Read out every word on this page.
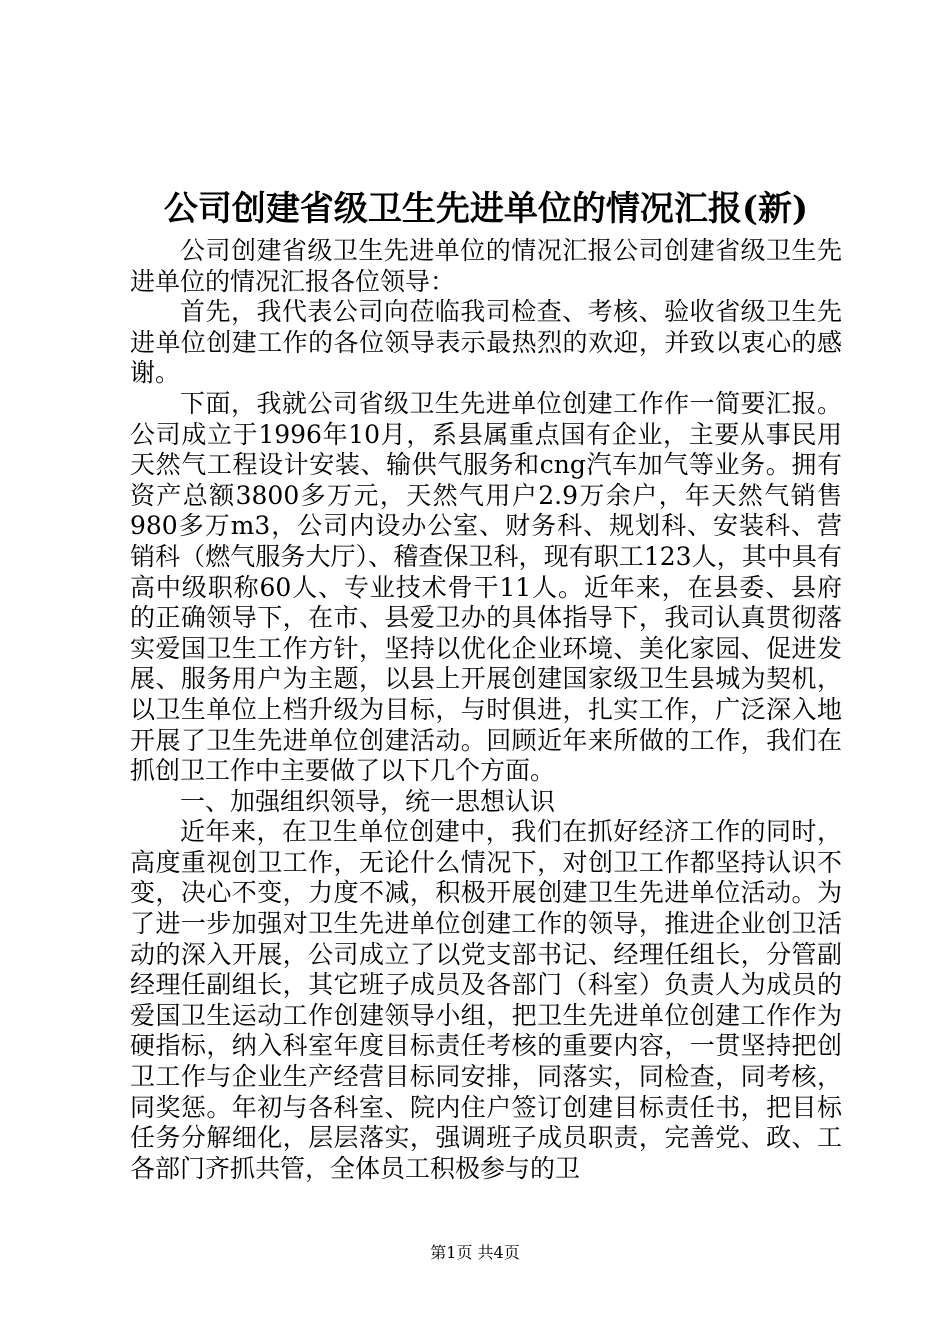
公司创建省级卫生先进单位的情况汇报(新)

公司创建省级卫生先进单位的情况汇报公司创建省级卫生先进单位的情况汇报各位领导：

首先，我代表公司向莅临我司检查、考核、验收省级卫生先进单位创建工作的各位领导表示最热烈的欢迎，并致以衷心的感谢。

下面，我就公司省级卫生先进单位创建工作作一简要汇报。公司成立于1996年10月，系县属重点国有企业，主要从事民用天然气工程设计安装、输供气服务和cng汽车加气等业务。拥有资产总额3800多万元，天然气用户2.9万余户，年天然气销售980多万m3，公司内设办公室、财务科、规划科、安装科、营销科（燃气服务大厅）、稽查保卫科，现有职工123人，其中具有高中级职称60人、专业技术骨干11人。近年来，在县委、县府的正确领导下，在市、县爱卫办的具体指导下，我司认真贯彻落实爱国卫生工作方针，坚持以优化企业环境、美化家园、促进发展、服务用户为主题，以县上开展创建国家级卫生县城为契机，以卫生单位上档升级为目标，与时俱进，扎实工作，广泛深入地开展了卫生先进单位创建活动。回顾近年来所做的工作，我们在抓创卫工作中主要做了以下几个方面。

一、加强组织领导，统一思想认识

近年来，在卫生单位创建中，我们在抓好经济工作的同时，高度重视创卫工作，无论什么情况下，对创卫工作都坚持认识不变，决心不变，力度不减，积极开展创建卫生先进单位活动。为了进一步加强对卫生先进单位创建工作的领导，推进企业创卫活动的深入开展，公司成立了以党支部书记、经理任组长，分管副经理任副组长，其它班子成员及各部门（科室）负责人为成员的爱国卫生运动工作创建领导小组，把卫生先进单位创建工作作为硬指标，纳入科室年度目标责任考核的重要内容，一贯坚持把创卫工作与企业生产经营目标同安排，同落实，同检查，同考核，同奖惩。年初与各科室、院内住户签订创建目标责任书，把目标任务分解细化，层层落实，强调班子成员职责，完善党、政、工各部门齐抓共管，全体员工积极参与的卫

第1页 共4页
